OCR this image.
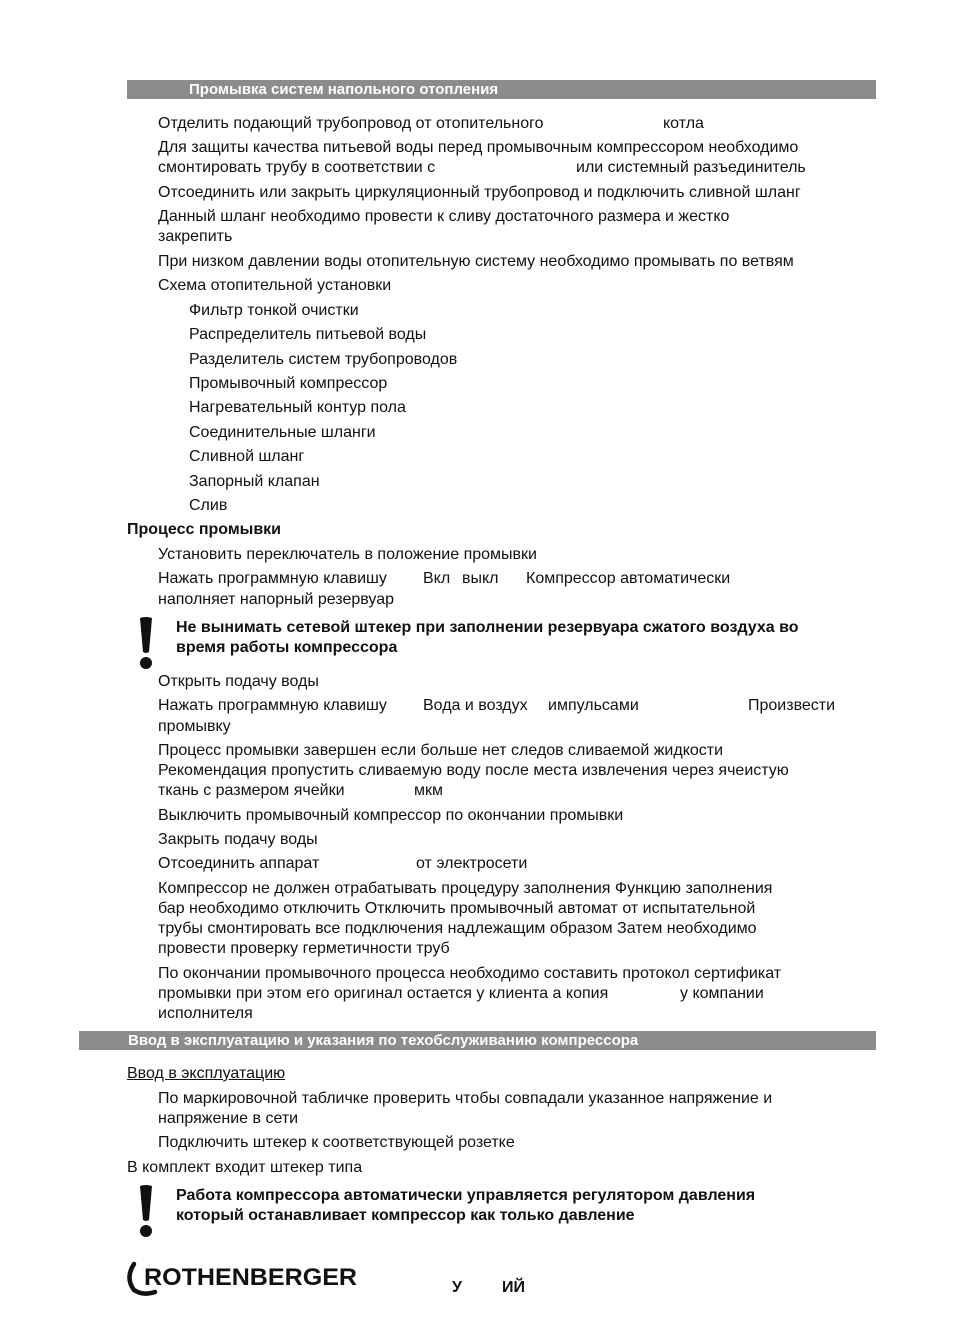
Промывка систем напольного отопления
Отделить подающий трубопровод от отопительного	котла
Для защиты качества питьевой воды перед промывочным компрессором необходимо
смонтировать трубу в соответствии с	или системный разъединитель
Отсоединить или закрыть циркуляционный трубопровод и подключить сливной шланг
Данный шланг необходимо провести к сливу достаточного размера и жестко
закрепить
При низком давлении воды отопительную систему необходимо промывать по ветвям
Схема отопительной установки
Фильтр тонкой очистки
Распределитель питьевой воды
Разделитель систем трубопроводов
Промывочный компрессор
Нагревательный контур пола
Соединительные шланги
Сливной шланг
Запорный клапан
Слив
Процесс промывки
Установить переключатель в положение промывки
Нажать программную клавишу Вкл выкл Компрессор автоматически
наполняет напорный резервуар
Не вынимать сетевой штекер при заполнении резервуара сжатого воздуха во
время работы компрессора
Открыть подачу воды
Нажать программную клавишу Вода и воздух импульсами	Произвести
промывку
Процесс промывки завершен если больше нет следов сливаемой жидкости
Рекомендация пропустить сливаемую воду после места извлечения через ячеистую
ткань с размером ячейки	мкм
Выключить промывочный компрессор по окончании промывки
Закрыть подачу воды
Отсоединить аппарат	от электросети
Компрессор не должен отрабатывать процедуру заполнения Функцию заполнения
бар необходимо отключить Отключить промывочный автомат от испытательной
трубы смонтировать все подключения надлежащим образом Затем необходимо
провести проверку герметичности труб
По окончании промывочного процесса необходимо составить протокол сертификат
промывки при этом его оригинал остается у клиента а копия	у компании
исполнителя
Ввод в эксплуатацию и указания по техобслуживанию компрессора
Ввод в эксплуатацию
По маркировочной табличке проверить чтобы совпадали указанное напряжение и
напряжение в сети
Подключить штекер к соответствующей розетке
В комплект входит штекер типа
Работа компрессора автоматически управляется регулятором давления
который останавливает компрессор как только давление
ROTHENBERGER	У	ИЙ
